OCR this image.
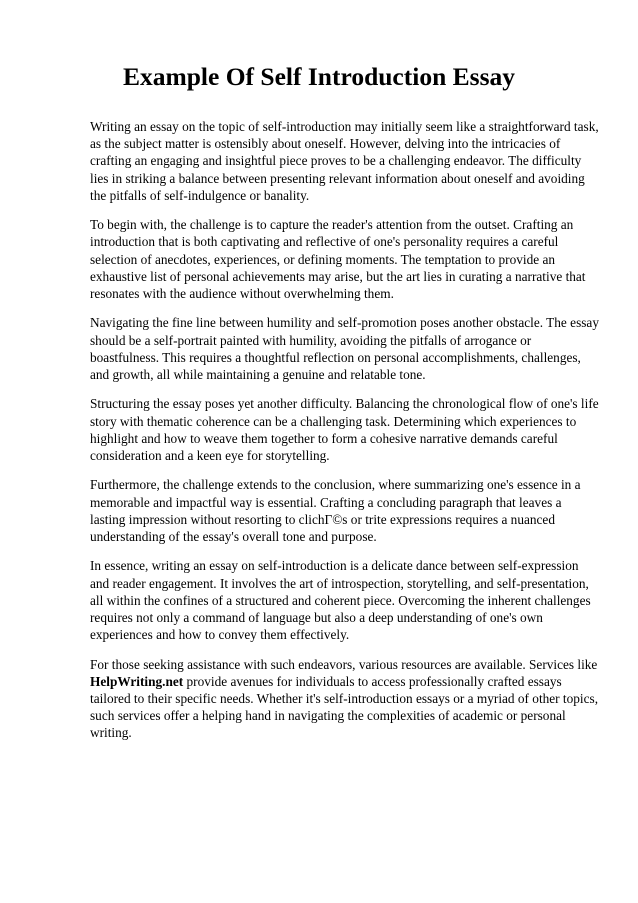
Example Of Self Introduction Essay

Writing an essay on the topic of self-introduction may initially seem like a straightforward task, as the subject matter is ostensibly about oneself. However, delving into the intricacies of crafting an engaging and insightful piece proves to be a challenging endeavor. The difficulty lies in striking a balance between presenting relevant information about oneself and avoiding the pitfalls of self-indulgence or banality.

To begin with, the challenge is to capture the reader's attention from the outset. Crafting an introduction that is both captivating and reflective of one's personality requires a careful selection of anecdotes, experiences, or defining moments. The temptation to provide an exhaustive list of personal achievements may arise, but the art lies in curating a narrative that resonates with the audience without overwhelming them.

Navigating the fine line between humility and self-promotion poses another obstacle. The essay should be a self-portrait painted with humility, avoiding the pitfalls of arrogance or boastfulness. This requires a thoughtful reflection on personal accomplishments, challenges, and growth, all while maintaining a genuine and relatable tone.

Structuring the essay poses yet another difficulty. Balancing the chronological flow of one's life story with thematic coherence can be a challenging task. Determining which experiences to highlight and how to weave them together to form a cohesive narrative demands careful consideration and a keen eye for storytelling.

Furthermore, the challenge extends to the conclusion, where summarizing one's essence in a memorable and impactful way is essential. Crafting a concluding paragraph that leaves a lasting impression without resorting to clichГ©s or trite expressions requires a nuanced understanding of the essay's overall tone and purpose.

In essence, writing an essay on self-introduction is a delicate dance between self-expression and reader engagement. It involves the art of introspection, storytelling, and self-presentation, all within the confines of a structured and coherent piece. Overcoming the inherent challenges requires not only a command of language but also a deep understanding of one's own experiences and how to convey them effectively.

For those seeking assistance with such endeavors, various resources are available. Services like HelpWriting.net provide avenues for individuals to access professionally crafted essays tailored to their specific needs. Whether it's self-introduction essays or a myriad of other topics, such services offer a helping hand in navigating the complexities of academic or personal writing.
